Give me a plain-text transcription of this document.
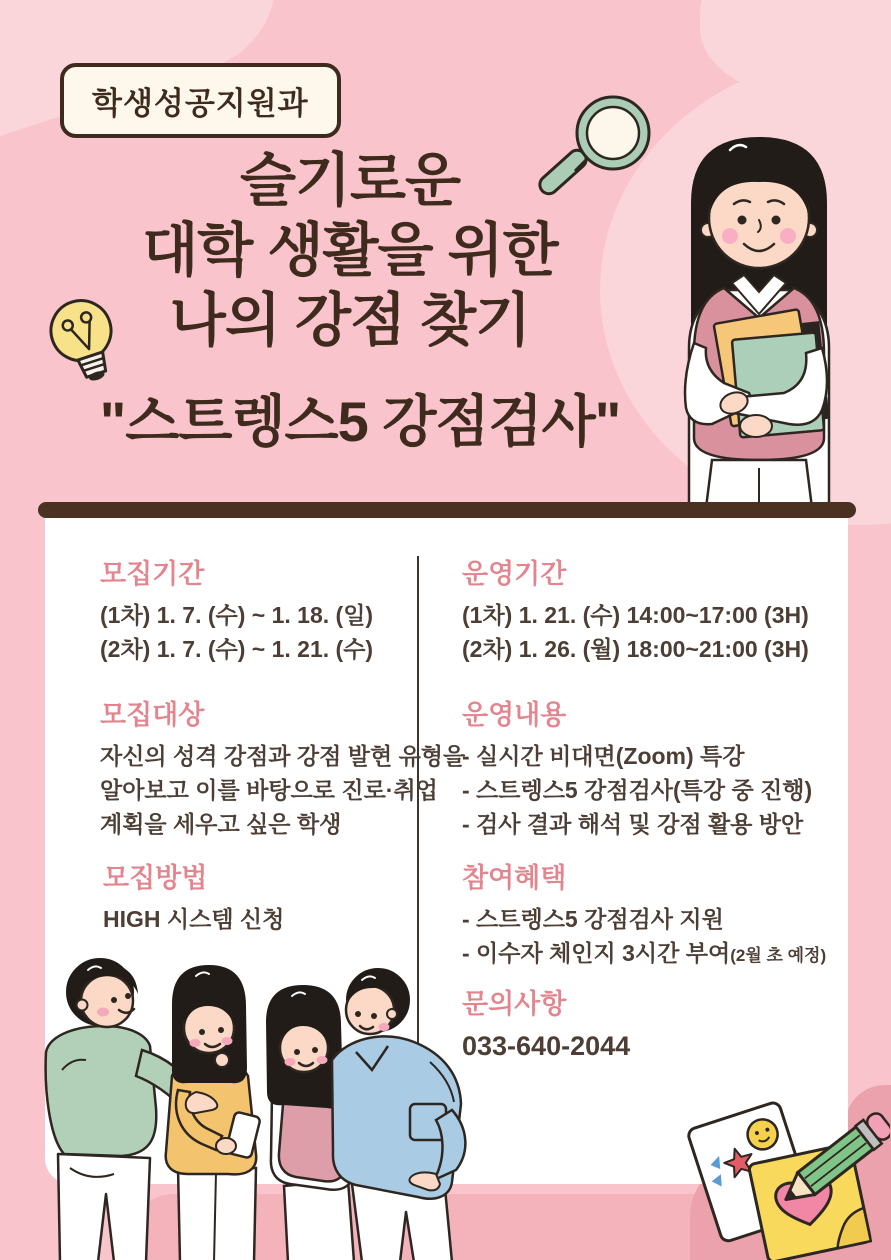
학생성공지원과
슬기로운
대학 생활을 위한
나의 강점 찾기
"스트렝스5 강점검사"
모집기간
(1차) 1. 7. (수) ~ 1. 18. (일)
(2차) 1. 7. (수) ~ 1. 21. (수)
모집대상
자신의 성격 강점과 강점 발현 유형을
알아보고 이를 바탕으로 진로·취업
계획을 세우고 싶은 학생
모집방법
HIGH 시스템 신청
운영기간
(1차) 1. 21. (수) 14:00~17:00 (3H)
(2차) 1. 26. (월) 18:00~21:00 (3H)
운영내용
- 실시간 비대면(Zoom) 특강
- 스트렝스5 강점검사(특강 중 진행)
- 검사 결과 해석 및 강점 활용 방안
참여혜택
- 스트렝스5 강점검사 지원
- 이수자 체인지 3시간 부여(2월 초 예정)
문의사항
033-640-2044
